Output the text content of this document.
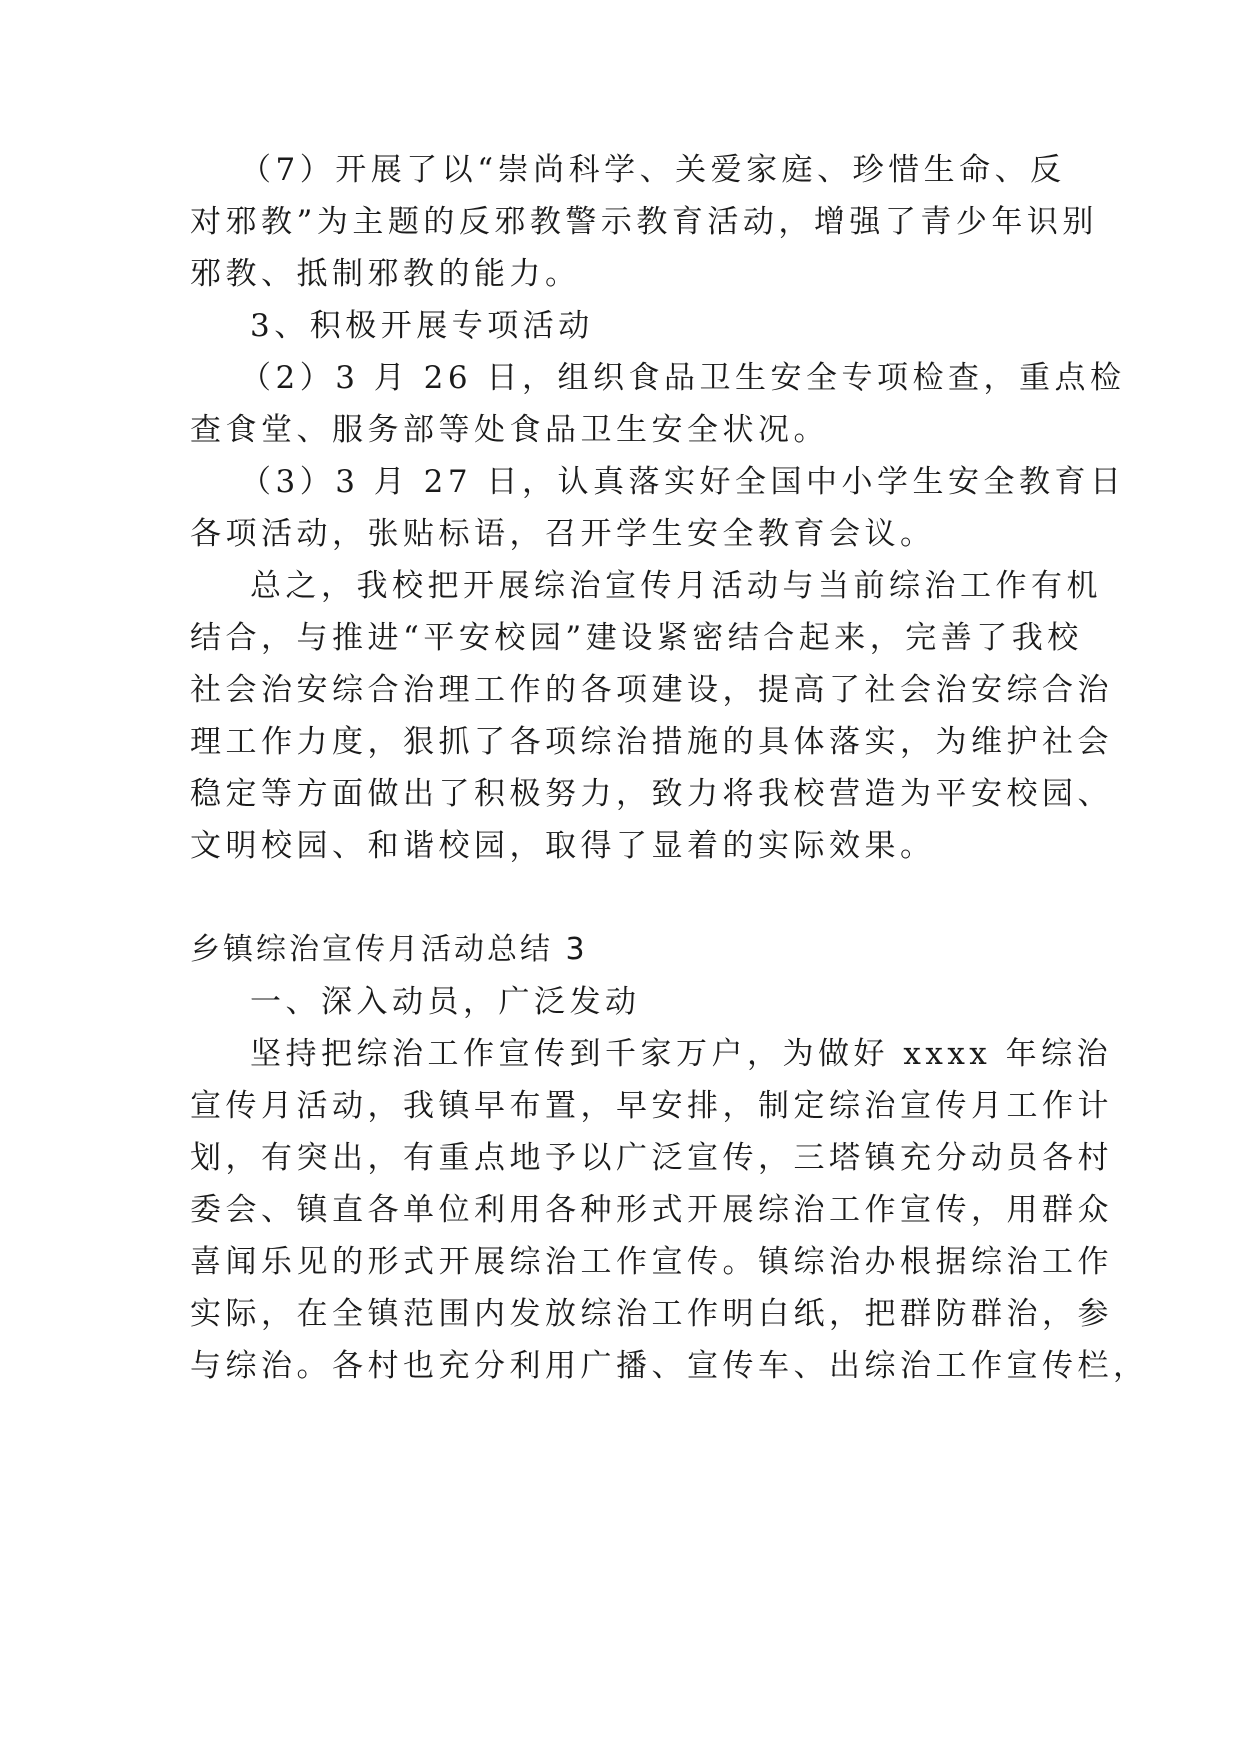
（7）开展了以“崇尚科学、关爱家庭、珍惜生命、反
对邪教”为主题的反邪教警示教育活动，增强了青少年识别
邪教、抵制邪教的能力。
3、积极开展专项活动
（2）3 月 26 日，组织食品卫生安全专项检查，重点检
查食堂、服务部等处食品卫生安全状况。
（3）3 月 27 日，认真落实好全国中小学生安全教育日
各项活动，张贴标语，召开学生安全教育会议。
总之，我校把开展综治宣传月活动与当前综治工作有机
结合，与推进“平安校园”建设紧密结合起来，完善了我校
社会治安综合治理工作的各项建设，提高了社会治安综合治
理工作力度，狠抓了各项综治措施的具体落实，为维护社会
稳定等方面做出了积极努力，致力将我校营造为平安校园、
文明校园、和谐校园，取得了显着的实际效果。
乡镇综治宣传月活动总结 3
一、深入动员，广泛发动
坚持把综治工作宣传到千家万户，为做好 xxxx 年综治
宣传月活动，我镇早布置，早安排，制定综治宣传月工作计
划，有突出，有重点地予以广泛宣传，三塔镇充分动员各村
委会、镇直各单位利用各种形式开展综治工作宣传，用群众
喜闻乐见的形式开展综治工作宣传。镇综治办根据综治工作
实际，在全镇范围内发放综治工作明白纸，把群防群治，参
与综治。各村也充分利用广播、宣传车、出综治工作宣传栏，
